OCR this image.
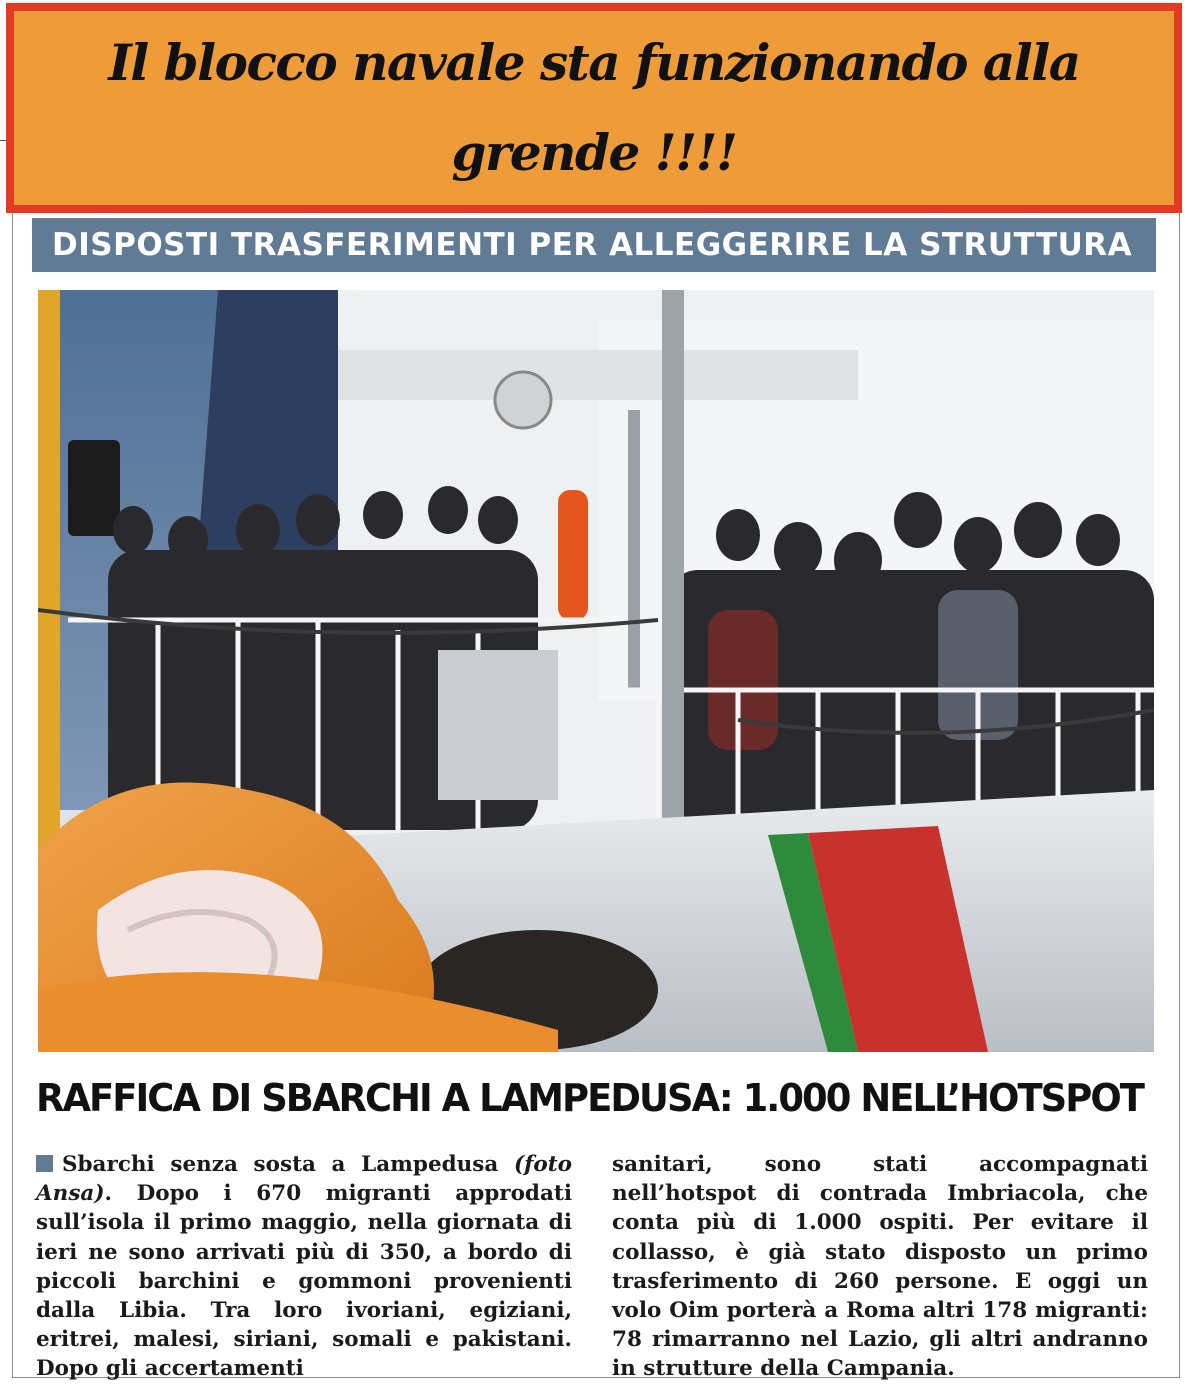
DISPOSTI TRASFERIMENTI PER ALLEGGERIRE LA STRUTTURA
RAFFICA DI SBARCHI A LAMPEDUSA: 1.000 NELL’HOTSPOT
Sbarchi senza sosta a Lampedusa (foto Ansa). Dopo i 670 migranti approdati sull’isola il primo maggio, nella giornata di ieri ne sono arrivati più di 350, a bordo di piccoli barchini e gommoni provenienti dalla Libia. Tra loro ivoriani, egiziani, eritrei, malesi, siriani, somali e pakistani. Dopo gli accertamenti
sanitari, sono stati accompagnati nell’hotspot di contrada Imbriacola, che conta più di 1.000 ospiti. Per evitare il collasso, è già stato disposto un primo trasferimento di 260 persone. E oggi un volo Oim porterà a Roma altri 178 migranti: 78 rimarranno nel Lazio, gli altri andranno in strutture della Campania.
Il blocco navale sta funzionando alla grende !!!!
